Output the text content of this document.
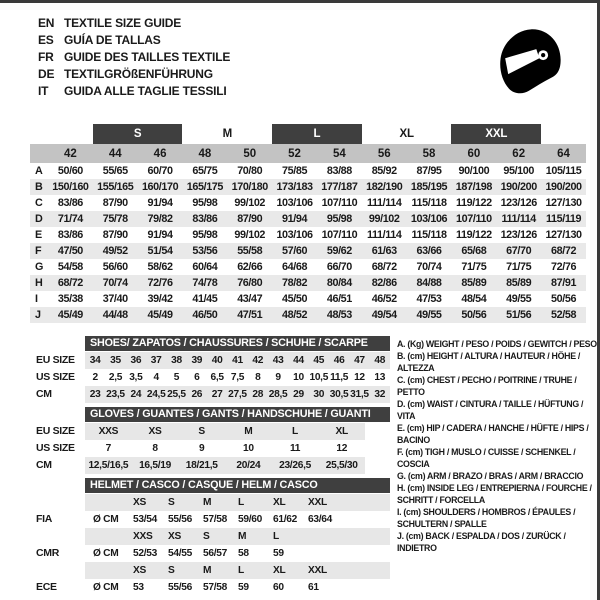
EN TEXTILE SIZE GUIDE
ES GUÍA DE TALLAS
FR GUIDE DES TAILLES TEXTILE
DE TEXTILGRÖßENFÜHRUNG
IT	GUIDA ALLE TAGLIE TESSILI
		S		M		L		XL		XXL		
	42	44	46	48	50	52	54	56	58	60	62	64
A	50/60	55/65	60/70	65/75	70/80	75/85	83/88	85/92	87/95	90/100	95/100	105/115
B	150/160	155/165	160/170	165/175	170/180	173/183	177/187	182/190	185/195	187/198	190/200	190/200
C	83/86	87/90	91/94	95/98	99/102	103/106	107/110	111/114	115/118	119/122	123/126	127/130
D	71/74	75/78	79/82	83/86	87/90	91/94	95/98	99/102	103/106	107/110	111/114	115/119
E	83/86	87/90	91/94	95/98	99/102	103/106	107/110	111/114	115/118	119/122	123/126	127/130
F	47/50	49/52	51/54	53/56	55/58	57/60	59/62	61/63	63/66	65/68	67/70	68/72
G	54/58	56/60	58/62	60/64	62/66	64/68	66/70	68/72	70/74	71/75	71/75	72/76
H	68/72	70/74	72/76	74/78	76/80	78/82	80/84	82/86	84/88	85/89	85/89	87/91
I	35/38	37/40	39/42	41/45	43/47	45/50	46/51	46/52	47/53	48/54	49/55	50/56
J	45/49	44/48	45/49	46/50	47/51	48/52	48/53	49/54	49/55	50/56	51/56	52/58
SHOES/ ZAPATOS / CHAUSSURES / SCHUHE / SCARPE
EU SIZE	34 35 36 37 38 39 40 41 42 43 44 45 46 47 48
US SIZE	2	2,5 3,5	4	5	6	6,5 7,5	8	9	10 10,5 11,5 12 13
CM	23 23,5 24 24,5 25,5 26 27 27,5 28 28,5 29 30 30,5 31,5 32
GLOVES / GUANTES / GANTS / HANDSCHUHE / GUANTI
EU SIZE	XXS	XS	S	M	L	XL
US SIZE	7	8	9	10	11	12
CM	12,5/16,5	16,5/19	18/21,5	20/24	23/26,5	25,5/30
HELMET / CASCO / CASQUE / HELM / CASCO
XS	S	M	L	XL	XXL
FIA	Ø CM	53/54	55/56	57/58	59/60	61/62	63/64
XXS	XS	S	M	L
CMR	Ø CM	52/53	54/55	56/57	58	59
XS	S	M	L	XL	XXL
ECE	Ø CM	53	55/56	57/58	59	60	61
A. (Kg) WEIGHT / PESO / POIDS / GEWITCH / PESO
B. (cm) HEIGHT / ALTURA / HAUTEUR / HÖHE / ALTEZZA
C. (cm) CHEST / PECHO / POITRINE / TRUHE / PETTO
D. (cm) WAIST / CINTURA / TAILLE / HÜFTUNG / VITA
E. (cm) HIP / CADERA / HANCHE / HÜFTE / HIPS / BACINO
F. (cm) TIGH / MUSLO / CUISSE / SCHENKEL / COSCIA
G. (cm) ARM / BRAZO / BRAS / ARM / BRACCIO
H. (cm) INSIDE LEG / ENTREPIERNA / FOURCHE / SCHRITT / FORCELLA
I. (cm) SHOULDERS / HOMBROS / ÉPAULES / SCHULTERN / SPALLE
J. (cm) BACK / ESPALDA / DOS / ZURÜCK / INDIETRO
